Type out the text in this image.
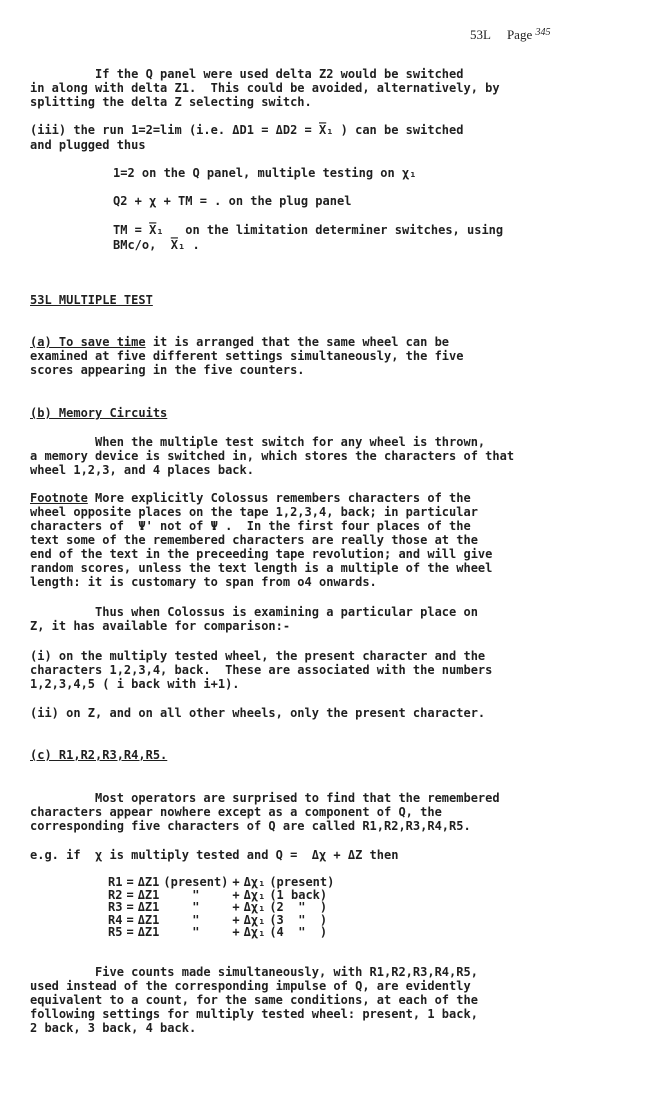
53L Page $^{345}$
If the Q panel were used delta Z2 would be switched
in along with delta Z1.  This could be avoided, alternatively, by
splitting the delta Z selecting switch.
(iii) the run 1=2=lim (i.e. ΔD1 = ΔD2 = X̅₁ ) can be switched
and plugged thus
1=2 on the Q panel, multiple testing on χ₁
Q2 + χ + TM = . on the plug panel
TM = X̅₁   on the limitation determiner switches, using
BMc/o,  X̅₁ .
53L MULTIPLE TEST
(a) To save time it is arranged that the same wheel can be
examined at five different settings simultaneously, the five
scores appearing in the five counters.
(b) Memory Circuits
When the multiple test switch for any wheel is thrown,
a memory device is switched in, which stores the characters of that
wheel 1,2,3, and 4 places back.
Footnote More explicitly Colossus remembers characters of the
wheel opposite places on the tape 1,2,3,4, back; in particular
characters of  Ψ' not of Ψ .  In the first four places of the
text some of the remembered characters are really those at the
end of the text in the preceeding tape revolution; and will give
random scores, unless the text length is a multiple of the wheel
length: it is customary to span from o4 onwards.
Thus when Colossus is examining a particular place on
Z, it has available for comparison:-
(i) on the multiply tested wheel, the present character and the
characters 1,2,3,4, back.  These are associated with the numbers
1,2,3,4,5 ( i back with i+1).
(ii) on Z, and on all other wheels, only the present character.
(c) R1,R2,R3,R4,R5.
Most operators are surprised to find that the remembered
characters appear nowhere except as a component of Q, the
corresponding five characters of Q are called R1,R2,R3,R4,R5.
e.g. if  χ is multiply tested and Q =  Δχ + ΔZ then
R1	=	ΔZ1	(present)	+	Δχ₁	(present)
R2	=	ΔZ1	"	+	Δχ₁	(1 back)
R3	=	ΔZ1	"	+	Δχ₁	(2  "  )
R4	=	ΔZ1	"	+	Δχ₁	(3  "  )
R5	=	ΔZ1	"	+	Δχ₁	(4  "  )
Five counts made simultaneously, with R1,R2,R3,R4,R5,
used instead of the corresponding impulse of Q, are evidently
equivalent to a count, for the same conditions, at each of the
following settings for multiply tested wheel: present, 1 back,
2 back, 3 back, 4 back.
